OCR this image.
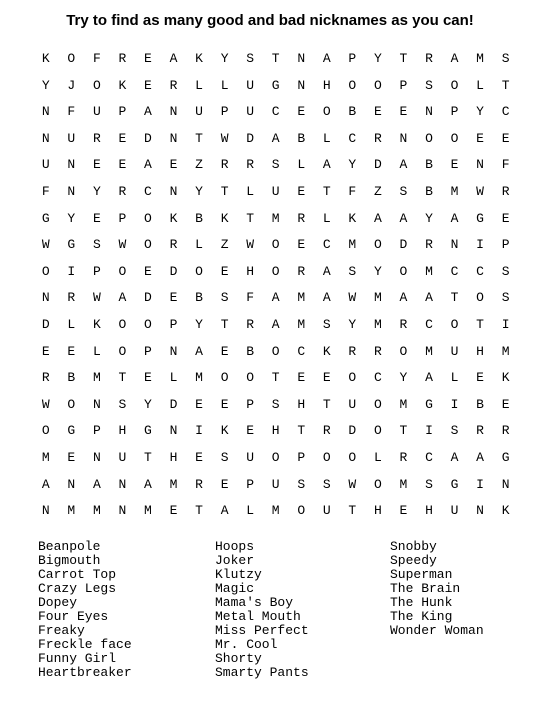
Try to find as many good and bad nicknames as you can!
K O F R E A K Y S T N A P Y T R A M S
Y J O K E R L L U G N H O O P S O L T
N F U P A N U P U C E O B E E N P Y C
N U R E D N T W D A B L C R N O O E E
U N E E A E Z R R S L A Y D A B E N F
F N Y R C N Y T L U E T F Z S B M W R
G Y E P O K B K T M R L K A A Y A G E
W G S W O R L Z W O E C M O D R N I P
O I P O E D O E H O R A S Y O M C C S
N R W A D E B S F A M A W M A A T O S
D L K O O P Y T R A M S Y M R C O T I
E E L O P N A E B O C K R R O M U H M
R B M T E L M O O T E E O C Y A L E K
W O N S Y D E E P S H T U O M G I B E
O G P H G N I K E H T R D O T I S R R
M E N U T H E S U O P O O L R C A A G
A N A N A M R E P U S S W O M S G I N
N M M N M E T A L M O U T H E H U N K
Beanpole
Bigmouth
Carrot Top
Crazy Legs
Dopey
Four Eyes
Freaky
Freckle face
Funny Girl
Heartbreaker
Hoops
Joker
Klutzy
Magic
Mama's Boy
Metal Mouth
Miss Perfect
Mr. Cool
Shorty
Smarty Pants
Snobby
Speedy
Superman
The Brain
The Hunk
The King
Wonder Woman
